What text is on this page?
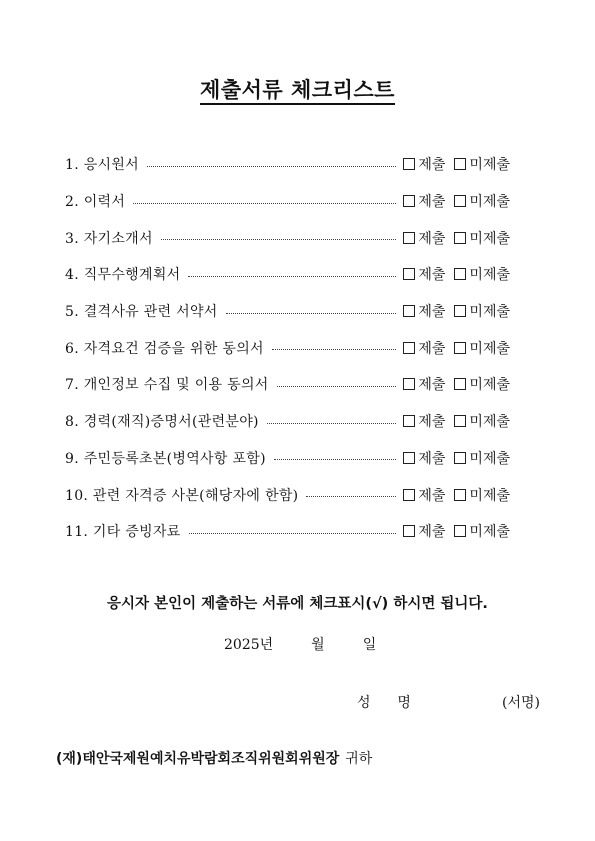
제출서류 체크리스트
1. 응시원서	제출 미제출
2. 이력서	제출 미제출
3. 자기소개서	제출 미제출
4. 직무수행계획서	제출 미제출
5. 결격사유 관련 서약서	제출 미제출
6. 자격요건 검증을 위한 동의서	제출 미제출
7. 개인정보 수집 및 이용 동의서	제출 미제출
8. 경력(재직)증명서(관련분야)	제출 미제출
9. 주민등록초본(병역사항 포함)	제출 미제출
10. 관련 자격증 사본(해당자에 한함)	제출 미제출
11. 기타 증빙자료	제출 미제출
응시자 본인이 제출하는 서류에 체크표시(√) 하시면 됩니다.
2025년	월	일
성  명	(서명)
(재)태안국제원예치유박람회조직위원회위원장 귀하
